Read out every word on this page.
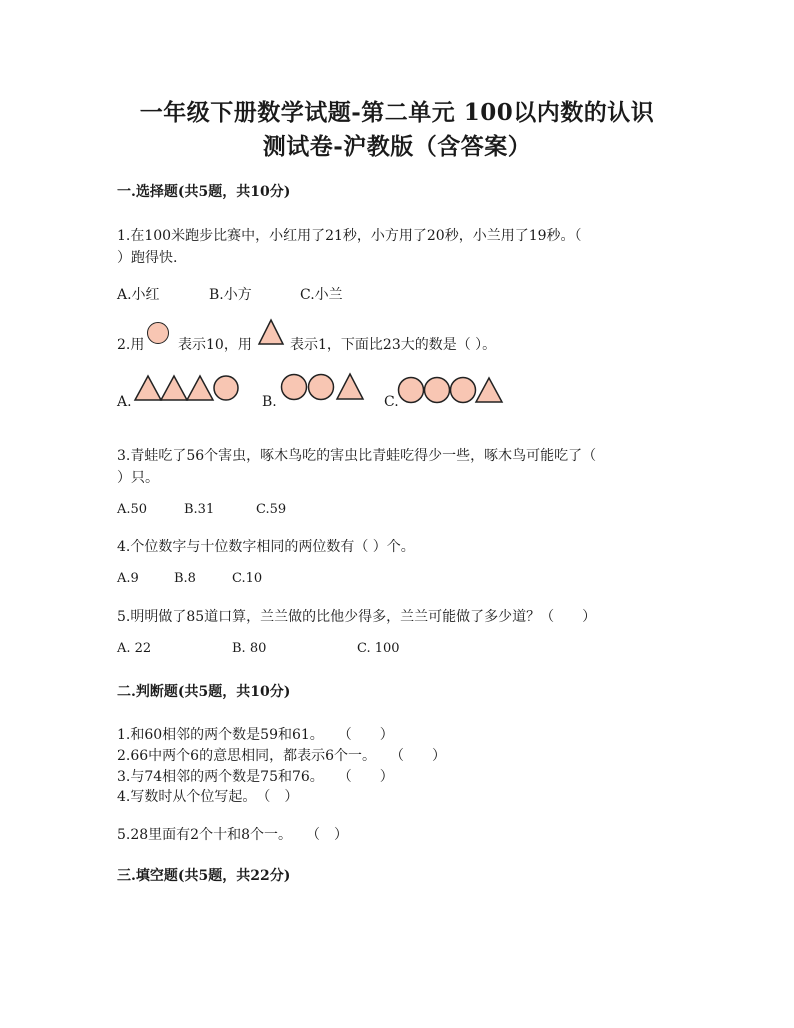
一年级下册数学试题-第二单元 100以内数的认识
测试卷-沪教版（含答案）
一.选择题(共5题，共10分)
1.在100米跑步比赛中，小红用了21秒，小方用了20秒，小兰用了19秒。（
）跑得快.
A.小红	B.小方	C.小兰
2.用 表示10，用	表示1，下面比23大的数是（ ）。
A.	B.	C.
3.青蛙吃了56个害虫，啄木鸟吃的害虫比青蛙吃得少一些，啄木鸟可能吃了（
）只。
A.50	B.31	C.59
4.个位数字与十位数字相同的两位数有（ ）个。
A.9	B.8	C.10
5.明明做了85道口算，兰兰做的比他少得多，兰兰可能做了多少道？（　　）
A. 22	B. 80	C. 100
二.判断题(共5题，共10分)
1.和60相邻的两个数是59和61。　　（　　）
2.66中两个6的意思相同，都表示6个一。　　（　　）
3.与74相邻的两个数是75和76。　　（　　）
4.写数时从个位写起。　（　）
5.28里面有2个十和8个一。　　（　）
三.填空题(共5题，共22分)
